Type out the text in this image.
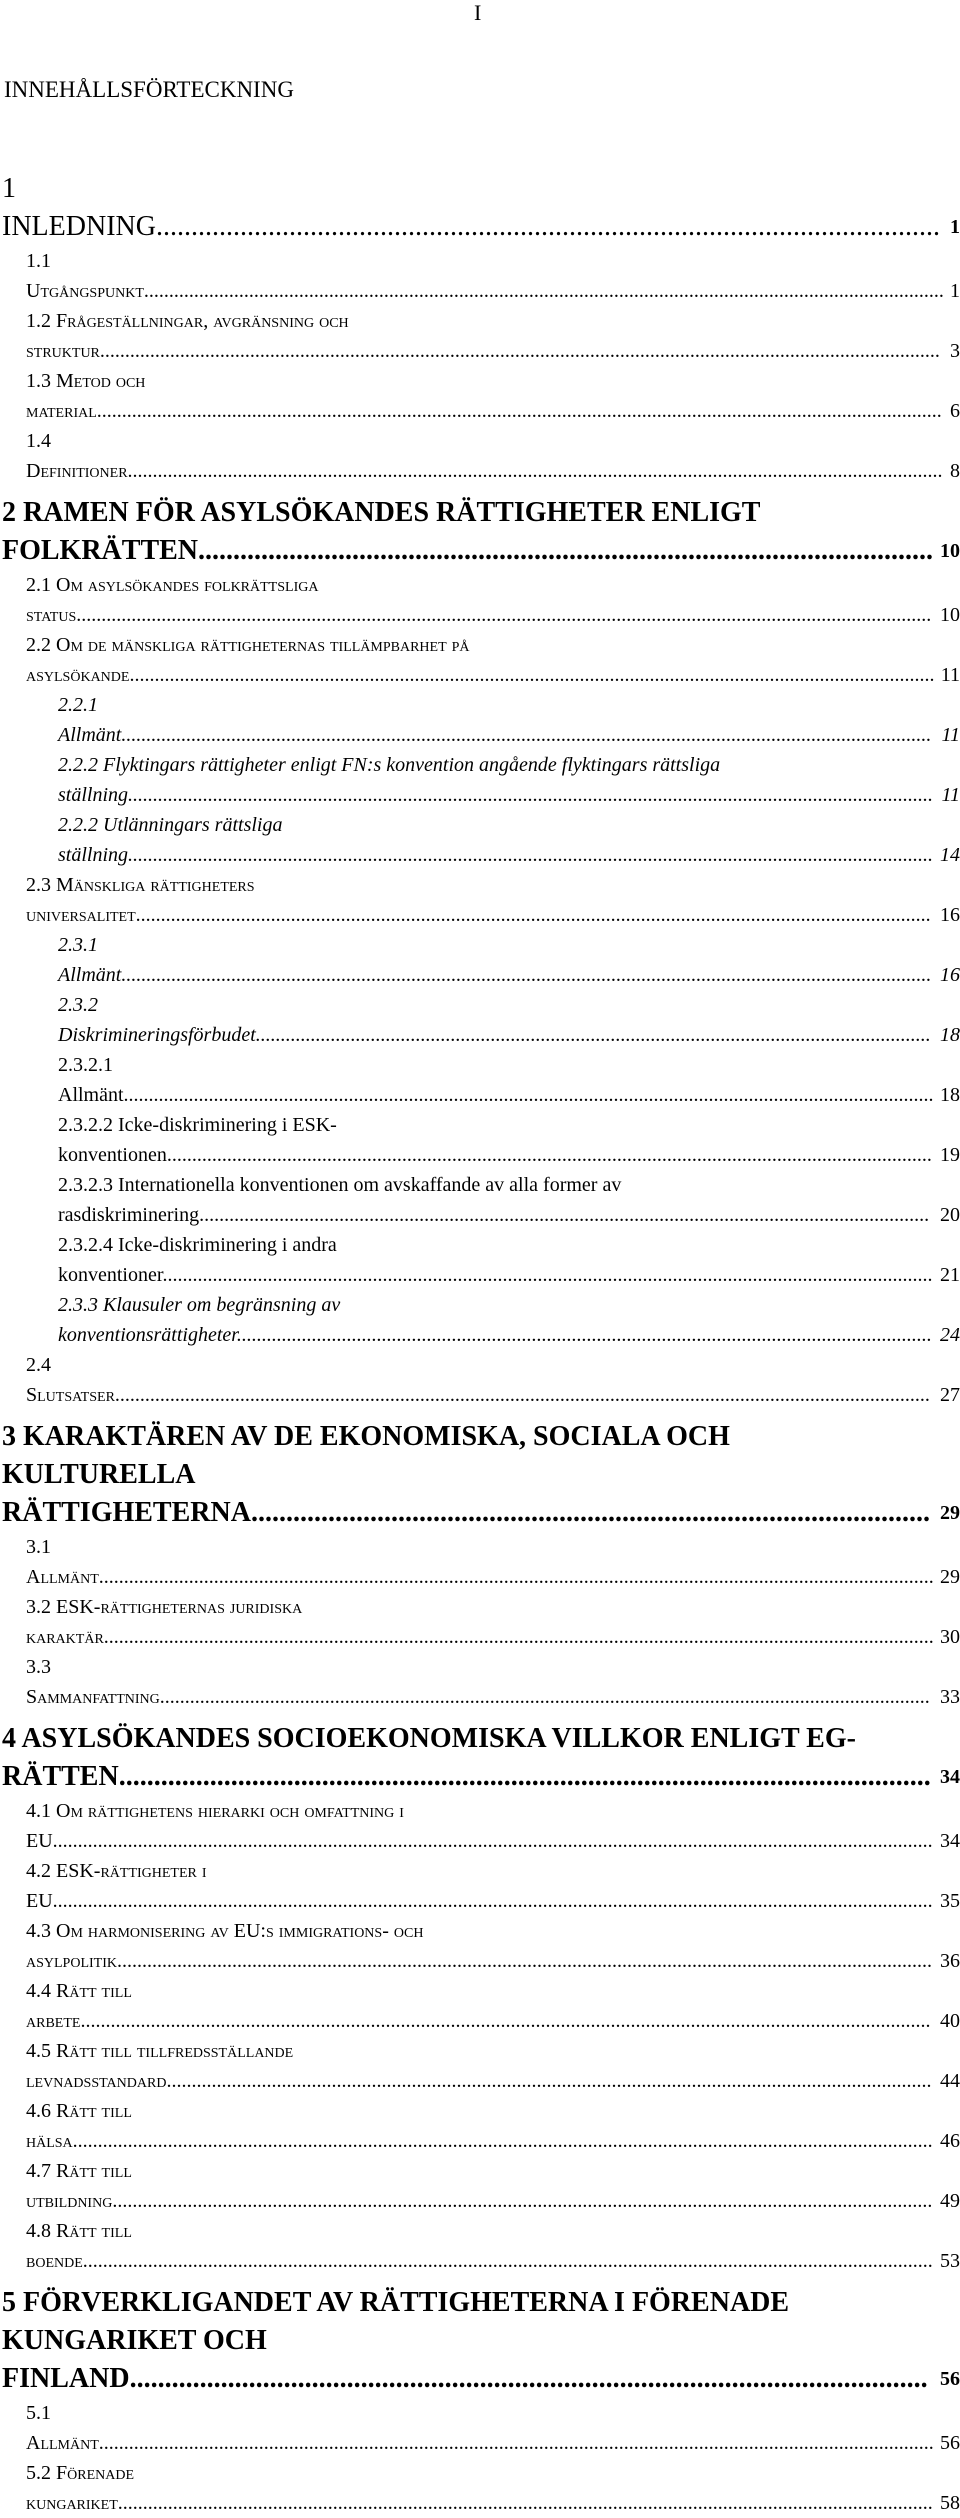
I
INNEHÅLLSFÖRTECKNING
1 INLEDNING................................................................................................................ 1
1.1 Utgångspunkt................................................................................................................................................................ 1
1.2 Frågeställningar, avgränsning och struktur........................................................................................................................................................................ 3
1.3 Metod och material......................................................................................................................................................................... 6
1.4 Definitioner................................................................................................................................................................... 8
2 RAMEN FÖR ASYLSÖKANDES RÄTTIGHETER ENLIGT FOLKRÄTTEN......................................................................................................... 10
2.1 Om asylsökandes folkrättsliga status........................................................................................................................................................................... 10
2.2 Om de mänskliga rättigheternas tillämpbarhet på asylsökande................................................................................................................................................................. 11
2.2.1 Allmänt.................................................................................................................................................................. 11
2.2.2 Flyktingars rättigheter enligt FN:s konvention angående flyktingars rättsliga ställning................................................................................................................................................................. 11
2.2.2 Utlänningars rättsliga ställning................................................................................................................................................................. 14
2.3 Mänskliga rättigheters universalitet............................................................................................................................................................... 16
2.3.1 Allmänt.................................................................................................................................................................. 16
2.3.2 Diskrimineringsförbudet....................................................................................................................................... 18
2.3.2.1 Allmänt.................................................................................................................................................................. 18
2.3.2.2 Icke-diskriminering i ESK-konventionen......................................................................................................................................................... 19
2.3.2.3 Internationella konventionen om avskaffande av alla former av rasdiskriminering.................................................................................................................................................. 20
2.3.2.4 Icke-diskriminering i andra konventioner.......................................................................................................................................................... 21
2.3.3 Klausuler om begränsning av konventionsrättigheter........................................................................................................................................... 24
2.4 Slutsatser................................................................................................................................................................... 27
3 KARAKTÄREN AV DE EKONOMISKA, SOCIALA OCH KULTURELLA RÄTTIGHETERNA................................................................................................. 29
3.1 Allmänt....................................................................................................................................................................... 29
3.2 ESK-rättigheternas juridiska karaktär...................................................................................................................................................................... 30
3.3 Sammanfattning.......................................................................................................................................................... 33
4 ASYLSÖKANDES SOCIOEKONOMISKA VILLKOR ENLIGT EG-RÄTTEN.................................................................................................................... 34
4.1 Om rättighetens hierarki och omfattning i EU................................................................................................................................................................................ 34
4.2 ESK-rättigheter i EU................................................................................................................................................................................ 35
4.3 Om harmonisering av EU:s immigrations- och asylpolitik................................................................................................................................................................... 36
4.4 Rätt till arbete.......................................................................................................................................................................... 40
4.5 Rätt till tillfredsställande levnadsstandard......................................................................................................................................................... 44
4.6 Rätt till hälsa............................................................................................................................................................................ 46
4.7 Rätt till utbildning.................................................................................................................................................................... 49
4.8 Rätt till boende.......................................................................................................................................................................... 53
5 FÖRVERKLIGANDET AV RÄTTIGHETERNA I FÖRENADE KUNGARIKET OCH FINLAND.................................................................................................................. 56
5.1 Allmänt....................................................................................................................................................................... 56
5.2 Förenade kungariket................................................................................................................................................................... 58
